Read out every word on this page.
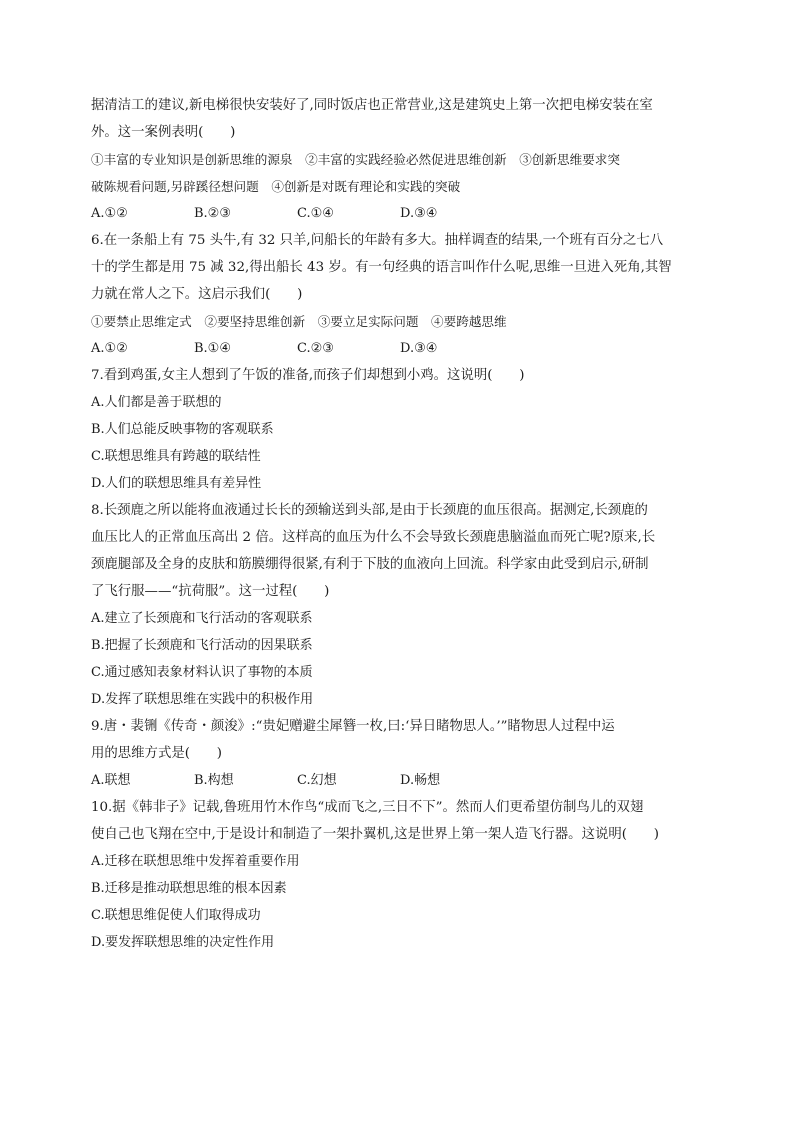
据清洁工的建议,新电梯很快安装好了,同时饭店也正常营业,这是建筑史上第一次把电梯安装在室
外。这一案例表明(　　)
①丰富的专业知识是创新思维的源泉　②丰富的实践经验必然促进思维创新　③创新思维要求突
破陈规看问题,另辟蹊径想问题　④创新是对既有理论和实践的突破
A.①②	B.②③	C.①④	D.③④
6.在一条船上有 75 头牛,有 32 只羊,问船长的年龄有多大。抽样调查的结果,一个班有百分之七八
十的学生都是用 75 减 32,得出船长 43 岁。有一句经典的语言叫作什么呢,思维一旦进入死角,其智
力就在常人之下。这启示我们(　　)
①要禁止思维定式　②要坚持思维创新　③要立足实际问题　④要跨越思维
A.①②	B.①④	C.②③	D.③④
7.看到鸡蛋,女主人想到了午饭的准备,而孩子们却想到小鸡。这说明(　　)
A.人们都是善于联想的
B.人们总能反映事物的客观联系
C.联想思维具有跨越的联结性
D.人们的联想思维具有差异性
8.长颈鹿之所以能将血液通过长长的颈输送到头部,是由于长颈鹿的血压很高。据测定,长颈鹿的
血压比人的正常血压高出 2 倍。这样高的血压为什么不会导致长颈鹿患脑溢血而死亡呢?原来,长
颈鹿腿部及全身的皮肤和筋膜绷得很紧,有利于下肢的血液向上回流。科学家由此受到启示,研制
了飞行服——“抗荷服”。这一过程(　　)
A.建立了长颈鹿和飞行活动的客观联系
B.把握了长颈鹿和飞行活动的因果联系
C.通过感知表象材料认识了事物的本质
D.发挥了联想思维在实践中的积极作用
9.唐・裴铏《传奇・颜浚》:“贵妃赠避尘犀簪一枚,曰:‘异日睹物思人。’”睹物思人过程中运
用的思维方式是(　　)
A.联想	B.构想	C.幻想	D.畅想
10.据《韩非子》记载,鲁班用竹木作鸟“成而飞之,三日不下”。然而人们更希望仿制鸟儿的双翅
使自己也飞翔在空中,于是设计和制造了一架扑翼机,这是世界上第一架人造飞行器。这说明(　　)
A.迁移在联想思维中发挥着重要作用
B.迁移是推动联想思维的根本因素
C.联想思维促使人们取得成功
D.要发挥联想思维的决定性作用
